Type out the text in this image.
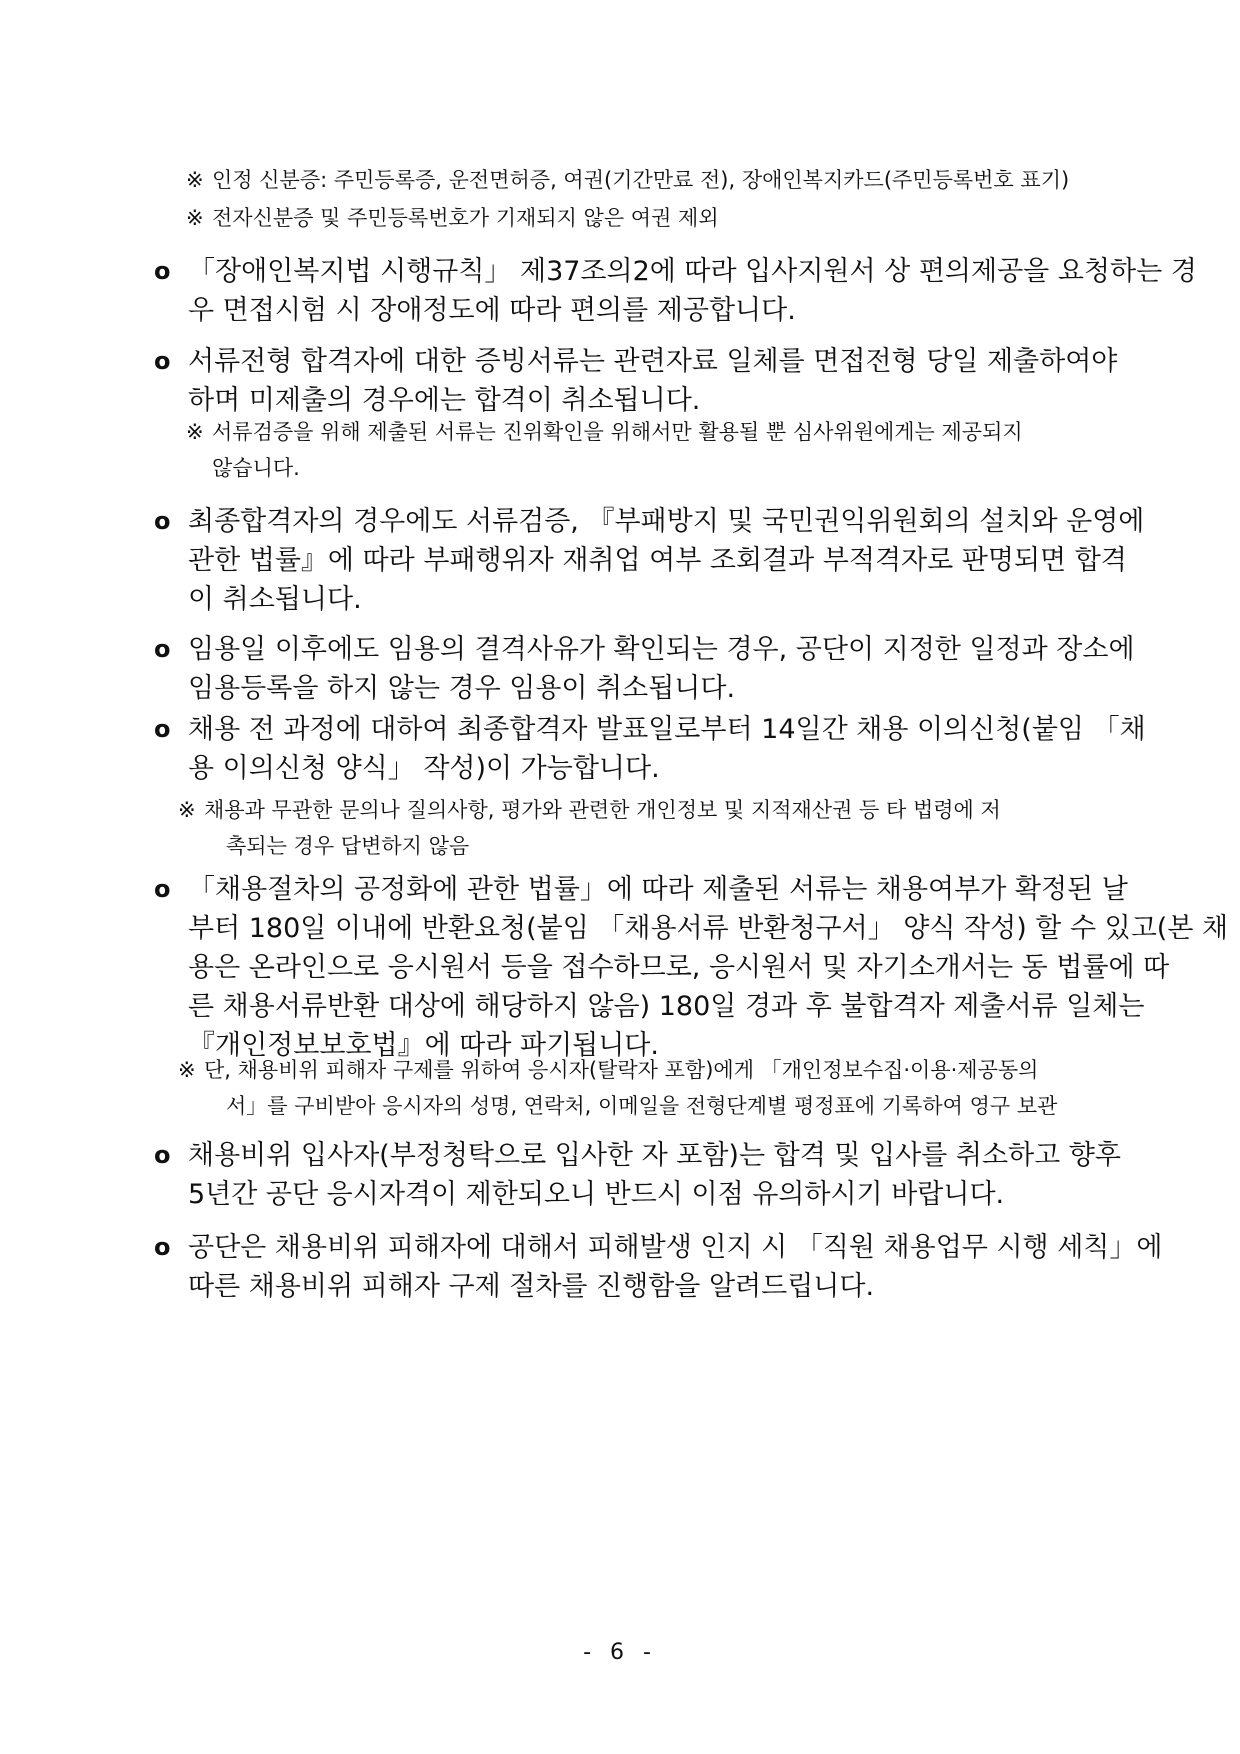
※ 인정 신분증: 주민등록증, 운전면허증, 여권(기간만료 전), 장애인복지카드(주민등록번호 표기)
※ 전자신분증 및 주민등록번호가 기재되지 않은 여권 제외
o 「장애인복지법 시행규칙」 제37조의2에 따라 입사지원서 상 편의제공을 요청하는 경
우 면접시험 시 장애정도에 따라 편의를 제공합니다.
o 서류전형 합격자에 대한 증빙서류는 관련자료 일체를 면접전형 당일 제출하여야
하며 미제출의 경우에는 합격이 취소됩니다.
※ 서류검증을 위해 제출된 서류는 진위확인을 위해서만 활용될 뿐 심사위원에게는 제공되지
않습니다.
o 최종합격자의 경우에도 서류검증, 『부패방지 및 국민권익위원회의 설치와 운영에
관한 법률』에 따라 부패행위자 재취업 여부 조회결과 부적격자로 판명되면 합격
이 취소됩니다.
o 임용일 이후에도 임용의 결격사유가 확인되는 경우, 공단이 지정한 일정과 장소에
임용등록을 하지 않는 경우 임용이 취소됩니다.
o 채용 전 과정에 대하여 최종합격자 발표일로부터 14일간 채용 이의신청(붙임 「채
용 이의신청 양식」 작성)이 가능합니다.
※ 채용과 무관한 문의나 질의사항, 평가와 관련한 개인정보 및 지적재산권 등 타 법령에 저
촉되는 경우 답변하지 않음
o 「채용절차의 공정화에 관한 법률」에 따라 제출된 서류는 채용여부가 확정된 날
부터 180일 이내에 반환요청(붙임 「채용서류 반환청구서」 양식 작성) 할 수 있고(본 채
용은 온라인으로 응시원서 등을 접수하므로, 응시원서 및 자기소개서는 동 법률에 따
른 채용서류반환 대상에 해당하지 않음) 180일 경과 후 불합격자 제출서류 일체는
『개인정보보호법』에 따라 파기됩니다.
※ 단, 채용비위 피해자 구제를 위하여 응시자(탈락자 포함)에게 「개인정보수집·이용·제공동의
서」를 구비받아 응시자의 성명, 연락처, 이메일을 전형단계별 평정표에 기록하여 영구 보관
o 채용비위 입사자(부정청탁으로 입사한 자 포함)는 합격 및 입사를 취소하고 향후
5년간 공단 응시자격이 제한되오니 반드시 이점 유의하시기 바랍니다.
o 공단은 채용비위 피해자에 대해서 피해발생 인지 시 「직원 채용업무 시행 세칙」에
따른 채용비위 피해자 구제 절차를 진행함을 알려드립니다.
- 6 -
